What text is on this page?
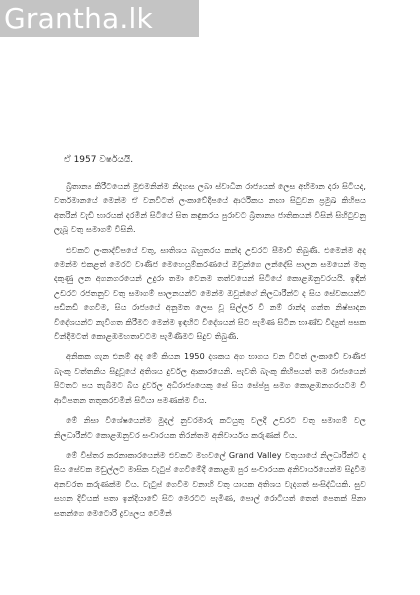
Grantha.lk

ඒ 1957 වර්ෂයයි.

බ්‍රිතාන්‍ය කිරීටයෙන් මුළුමනින්ම නිදහස ලබා ස්වාධීන රාජ්‍යයක් ලෙස අභිමාන දරා සිටියද, වර්තමානයේ මෙන්ම ඒ වනවිටත් ලංකාවේදීපයේ ආර්ථිකය නඟා සිටුවන ප්‍රමුඛ කිහිපය අතරින් වැඩි භාරයක් දරමින් සිටියේ සිත කඳුකරය පුරාවට බ්‍රිතාන්‍ය ජාතිකයන් විසින් සිහිටුවනු ලැබූ වතු සමාගම් විසිනි.

එවකට ලංකාද්වීපයේ වතු, සාතිශය බහුතරය කන්ද උඩරට සීමාව් තිබුණි. එමෙන්ම අද මෙන්ම එකළත් මෙරට වාණිජ මෙහෙයුම්කරණයේ ඔවුන්ගෙ ලන්දේසි පාලන සමයෙන් මතු දකුණු ලන අගනගරයෙන් උදුරා තමා වෙනම තත්වයෙන් සිටියේ කොළඹනුවරයයි. ඉඳින් උඩරට රජතනුව වතු සමාගම් පාලනයන්ට මෙන්ම ඔවුන්ගේ නිලධාරීන්ට ද සිය සේවකයන්ට පඩිනඩි ගෙවීම, සිය රාජ්‍යයේ අනුමත ලෙස වූ සිල්ලර් වී නම් රාන්ද ගන්ත නිෂ්පාදන විදේශයන්ට නැවිගත කිරීමට මෙන්ම ඉඳහිට විදේශයන් සිට පැමිණ සිටින භාණ්ඩ විද්‍යුත් පසක වින්දීමටත් කොළඹමහතාවටම පැමිණීමට සිදුව තිබුණි.

අනිකක ගැන එනම් අද මේ කියන 1950 දශකය අග භාගය වන විටත් ලංකාවේ වාණිජ බැංකු වත්තනිය සිදුවූයේ අතිශය දුර්වල ආකාරයෙනි. පැවති බැංකු කිහිපයත් තම රාජ්‍යයෙන් පිටතට පය තැබීමට බිය දුර්වල අධිරාජ්‍යයෙකු සේ සිය සේප්පු සමග කොළඹනගරයටම චි ආටිපතන තතුකරවමින් සිටියා පමණක්ම විය.

මේ නිසා විශේෂයෙන්ම මුදල් නුවරමාරු කටයුතු වලදී උඩරට වතු සමාගම් වල නිලධාරීන්ට කොළඹනුවර සංචාරයක තිරන්තම අනිවාර්යය කරුණක් විය.

මේ විස්තර කරනාකාරයෙන්ම එවකට මහවලේ Grand Valley වතුයායේ නිලධාරීන්ට ද සිය සේවක මඩුල්ලට මාසික වැටුප් ගෙවීමේදී කොළඹ පුර සංචාරයක අනිවාර්යයෙන්ම සිදුවීම අනවරත කරුණක්ම විය. වැටුප් ගෙවීම වනාහි වතු යායක අතිශය වැදගත් සංසිද්ධියකි. සුව සහන දිවියක් පතා ඉන්දියාවේ සිට මෙරටට පැමිණ, පොල් රොටියත් තෙත් පෙතක් පිනා සතන්ගෙ මෙටොරි ද්‍රව්‍යලය වෙමින්
